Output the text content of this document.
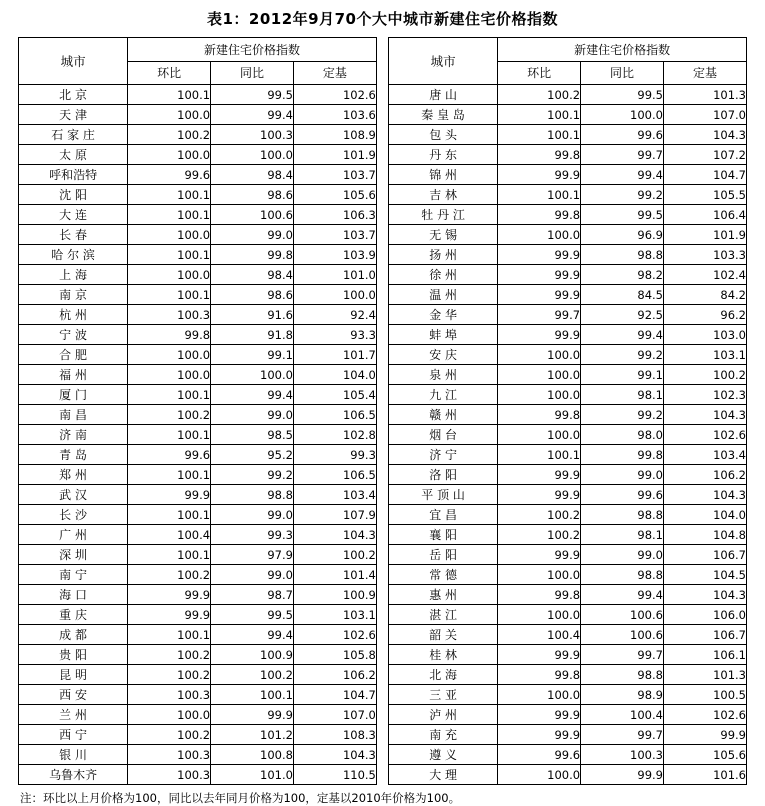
表1：2012年9月70个大中城市新建住宅价格指数
城市	新建住宅价格指数				城市	新建住宅价格指数		
	环比	同比	定基			环比	同比	定基
北 京	100.1	99.5	102.6		唐 山	100.2	99.5	101.3
天 津	100.0	99.4	103.6		秦 皇 岛	100.1	100.0	107.0
石 家 庄	100.2	100.3	108.9		包 头	100.1	99.6	104.3
太 原	100.0	100.0	101.9		丹 东	99.8	99.7	107.2
呼和浩特	99.6	98.4	103.7		锦 州	99.9	99.4	104.7
沈 阳	100.1	98.6	105.6		吉 林	100.1	99.2	105.5
大 连	100.1	100.6	106.3		牡 丹 江	99.8	99.5	106.4
长 春	100.0	99.0	103.7		无 锡	100.0	96.9	101.9
哈 尔 滨	100.1	99.8	103.9		扬 州	99.9	98.8	103.3
上 海	100.0	98.4	101.0		徐 州	99.9	98.2	102.4
南 京	100.1	98.6	100.0		温 州	99.9	84.5	84.2
杭 州	100.3	91.6	92.4		金 华	99.7	92.5	96.2
宁 波	99.8	91.8	93.3		蚌 埠	99.9	99.4	103.0
合 肥	100.0	99.1	101.7		安 庆	100.0	99.2	103.1
福 州	100.0	100.0	104.0		泉 州	100.0	99.1	100.2
厦 门	100.1	99.4	105.4		九 江	100.0	98.1	102.3
南 昌	100.2	99.0	106.5		赣 州	99.8	99.2	104.3
济 南	100.1	98.5	102.8		烟 台	100.0	98.0	102.6
青 岛	99.6	95.2	99.3		济 宁	100.1	99.8	103.4
郑 州	100.1	99.2	106.5		洛 阳	99.9	99.0	106.2
武 汉	99.9	98.8	103.4		平 顶 山	99.9	99.6	104.3
长 沙	100.1	99.0	107.9		宜 昌	100.2	98.8	104.0
广 州	100.4	99.3	104.3		襄 阳	100.2	98.1	104.8
深 圳	100.1	97.9	100.2		岳 阳	99.9	99.0	106.7
南 宁	100.2	99.0	101.4		常 德	100.0	98.8	104.5
海 口	99.9	98.7	100.9		惠 州	99.8	99.4	104.3
重 庆	99.9	99.5	103.1		湛 江	100.0	100.6	106.0
成 都	100.1	99.4	102.6		韶 关	100.4	100.6	106.7
贵 阳	100.2	100.9	105.8		桂 林	99.9	99.7	106.1
昆 明	100.2	100.2	106.2		北 海	99.8	98.8	101.3
西 安	100.3	100.1	104.7		三 亚	100.0	98.9	100.5
兰 州	100.0	99.9	107.0		泸 州	99.9	100.4	102.6
西 宁	100.2	101.2	108.3		南 充	99.9	99.7	99.9
银 川	100.3	100.8	104.3		遵 义	99.6	100.3	105.6
乌鲁木齐	100.3	101.0	110.5		大 理	100.0	99.9	101.6
注：环比以上月价格为100，同比以去年同月价格为100，定基以2010年价格为100。
